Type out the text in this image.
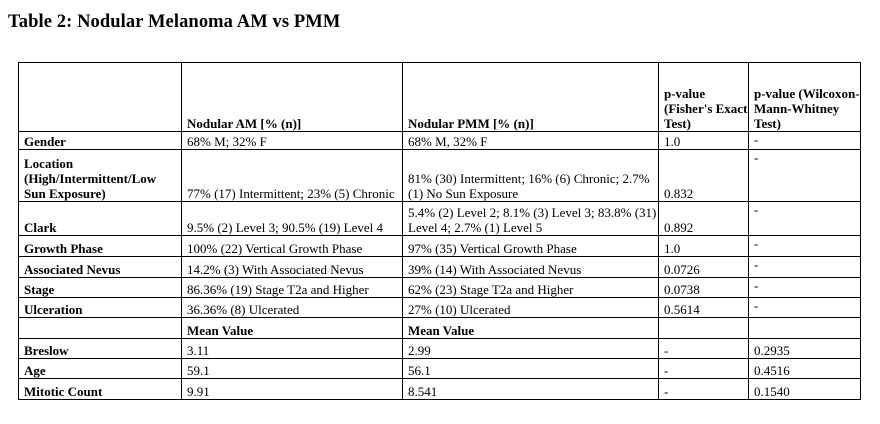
Table 2: Nodular Melanoma AM vs PMM
	Nodular AM [% (n)]	Nodular PMM [% (n)]	p-value (Fisher's Exact Test)	p-value (Wilcoxon-Mann-Whitney Test)
Gender	68% M; 32% F	68% M, 32% F	1.0	-
Location (High/Intermittent/Low Sun Exposure)	77% (17) Intermittent; 23% (5) Chronic	81% (30) Intermittent; 16% (6) Chronic; 2.7% (1) No Sun Exposure	0.832	-
Clark	9.5% (2) Level 3; 90.5% (19) Level 4	5.4% (2) Level 2; 8.1% (3) Level 3; 83.8% (31) Level 4; 2.7% (1) Level 5	0.892	-
Growth Phase	100% (22) Vertical Growth Phase	97% (35) Vertical Growth Phase	1.0	-
Associated Nevus	14.2% (3) With Associated Nevus	39% (14) With Associated Nevus	0.0726	-
Stage	86.36% (19) Stage T2a and Higher	62% (23) Stage T2a and Higher	0.0738	-
Ulceration	36.36% (8) Ulcerated	27% (10) Ulcerated	0.5614	-
	Mean Value	Mean Value		
Breslow	3.11	2.99	-	0.2935
Age	59.1	56.1	-	0.4516
Mitotic Count	9.91	8.541	-	0.1540
